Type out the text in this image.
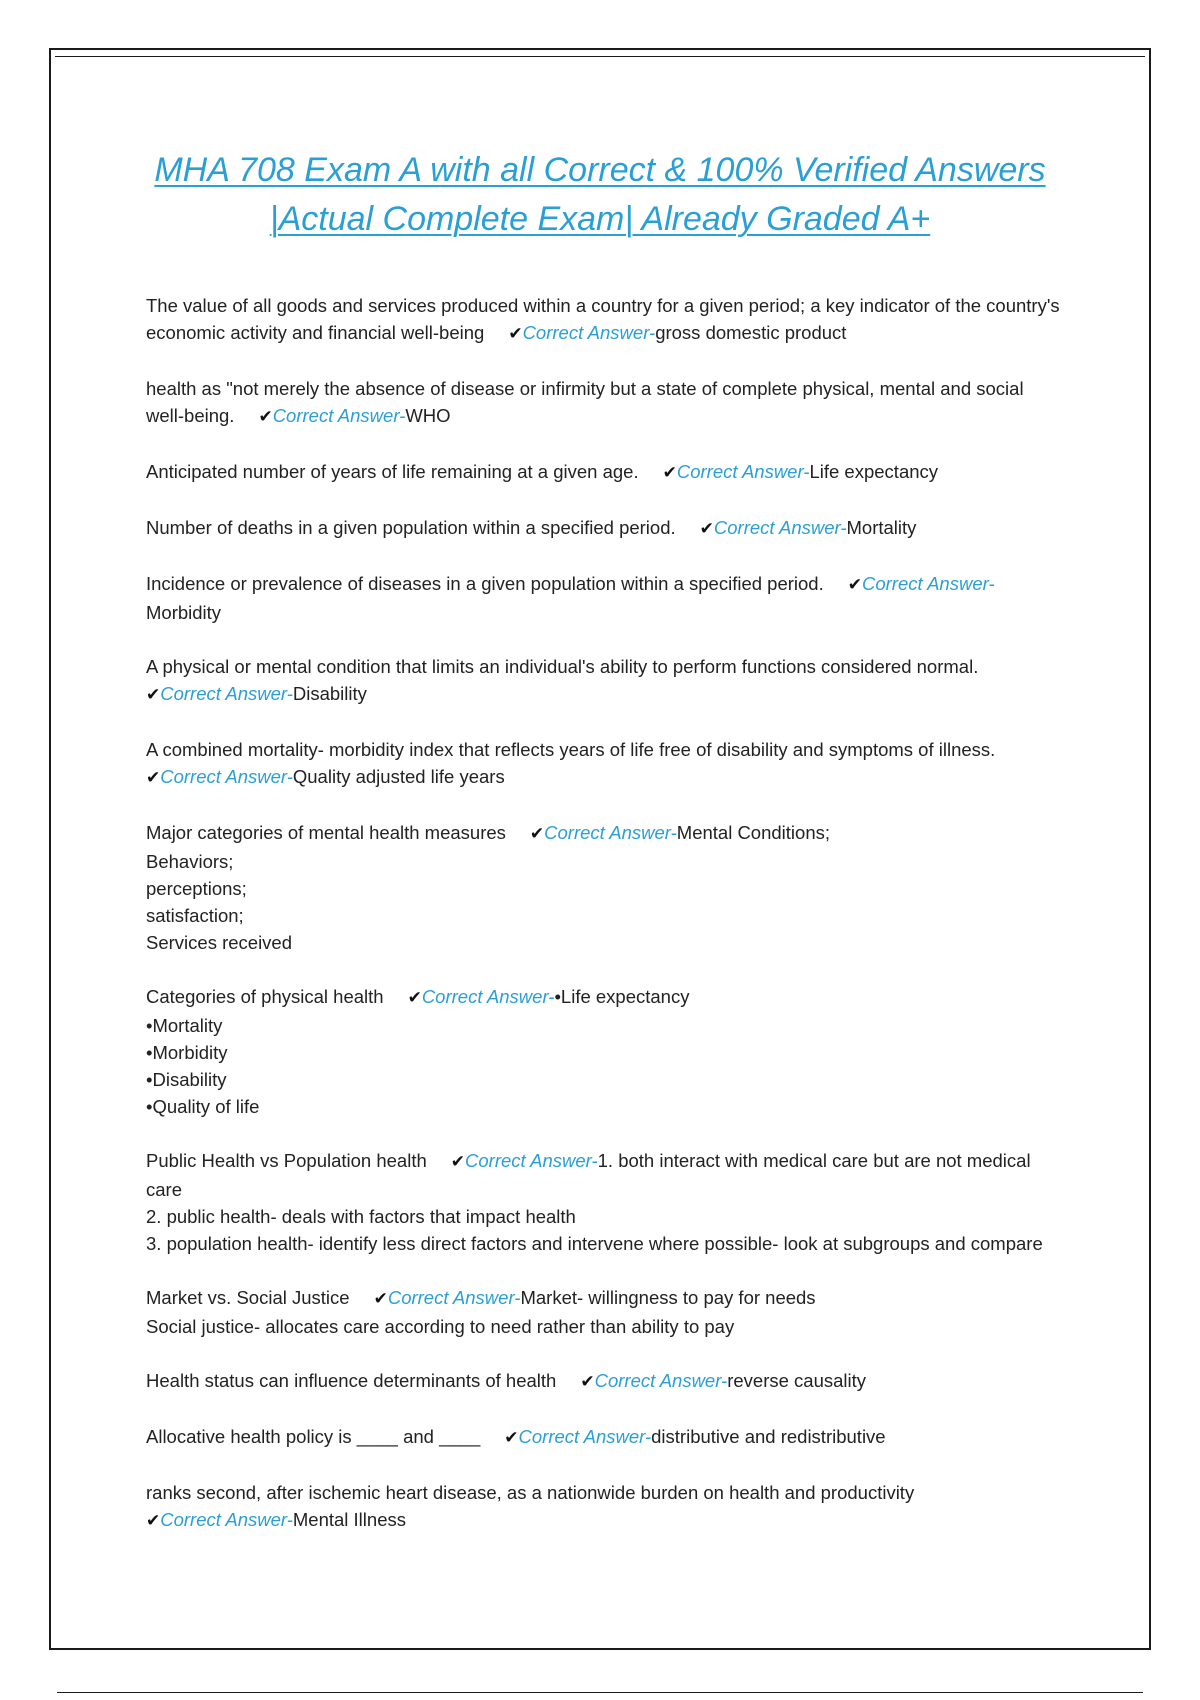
MHA 708 Exam A with all Correct & 100% Verified Answers |Actual Complete Exam| Already Graded A+
The value of all goods and services produced within a country for a given period; a key indicator of the country's economic activity and financial well-being ✔Correct Answer-gross domestic product
health as "not merely the absence of disease or infirmity but a state of complete physical, mental and social well-being. ✔Correct Answer-WHO
Anticipated number of years of life remaining at a given age. ✔Correct Answer-Life expectancy
Number of deaths in a given population within a specified period. ✔Correct Answer-Mortality
Incidence or prevalence of diseases in a given population within a specified period. ✔Correct Answer-Morbidity
A physical or mental condition that limits an individual's ability to perform functions considered normal.✔Correct Answer-Disability
A combined mortality- morbidity index that reflects years of life free of disability and symptoms of illness.✔Correct Answer-Quality adjusted life years
Major categories of mental health measures ✔Correct Answer-Mental Conditions;
Behaviors;
perceptions;
satisfaction;
Services received
Categories of physical health ✔Correct Answer-•Life expectancy
•Mortality
•Morbidity
•Disability
•Quality of life
Public Health vs Population health ✔Correct Answer-1. both interact with medical care but are not medical care
2. public health- deals with factors that impact health
3. population health- identify less direct factors and intervene where possible- look at subgroups and compare
Market vs. Social Justice ✔Correct Answer-Market- willingness to pay for needs
Social justice- allocates care according to need rather than ability to pay
Health status can influence determinants of health ✔Correct Answer-reverse causality
Allocative health policy is ____ and ____ ✔Correct Answer-distributive and redistributive
ranks second, after ischemic heart disease, as a nationwide burden on health and productivity
✔Correct Answer-Mental Illness
